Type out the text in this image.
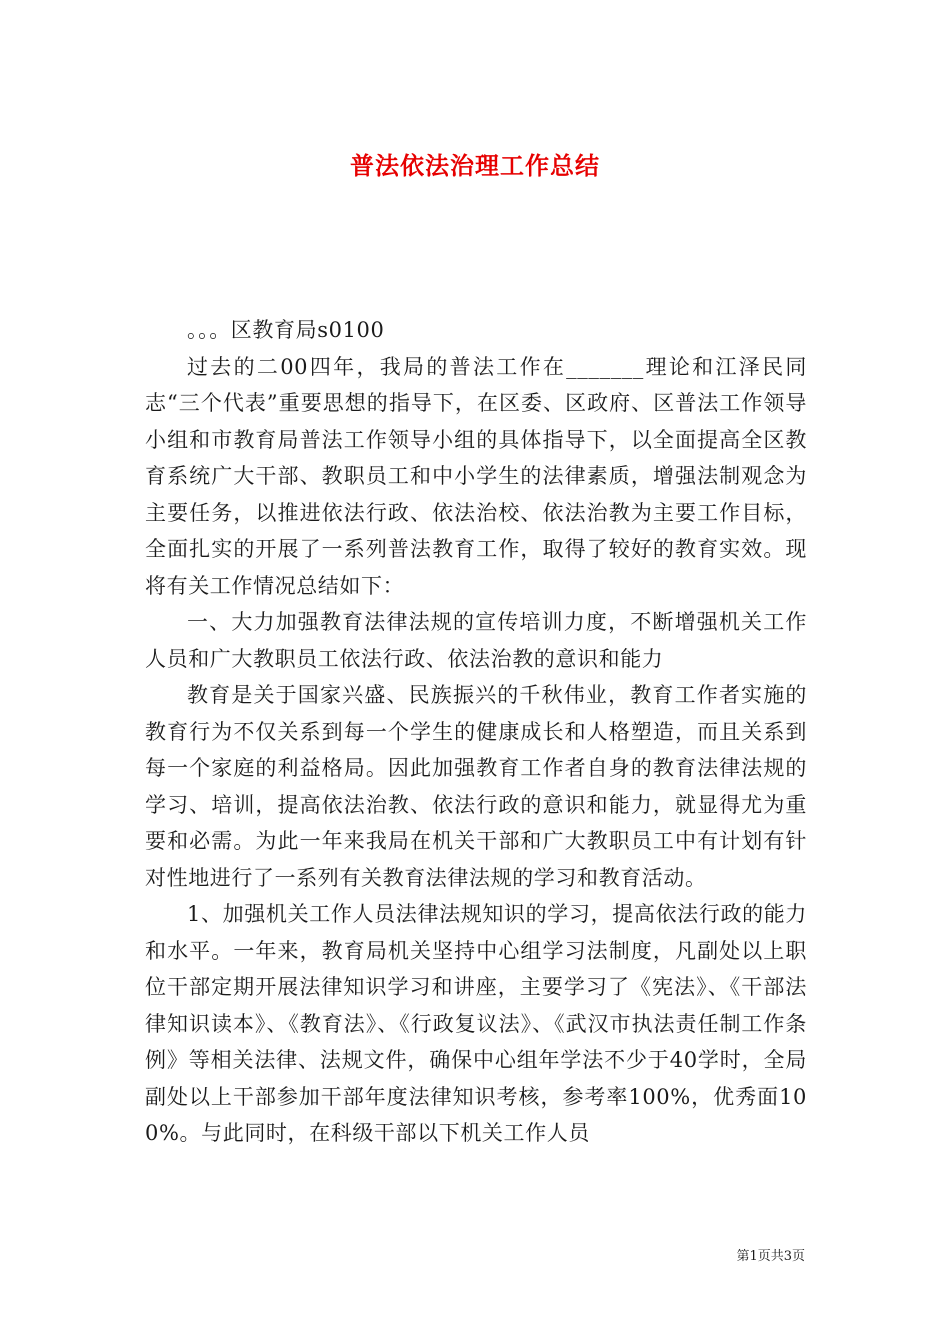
普法依法治理工作总结

。。。区教育局s0100

过去的二00四年，我局的普法工作在_______理论和江泽民同志“三个代表”重要思想的指导下，在区委、区政府、区普法工作领导小组和市教育局普法工作领导小组的具体指导下，以全面提高全区教育系统广大干部、教职员工和中小学生的法律素质，增强法制观念为主要任务，以推进依法行政、依法治校、依法治教为主要工作目标，全面扎实的开展了一系列普法教育工作，取得了较好的教育实效。现将有关工作情况总结如下：

一、大力加强教育法律法规的宣传培训力度，不断增强机关工作人员和广大教职员工依法行政、依法治教的意识和能力

教育是关于国家兴盛、民族振兴的千秋伟业，教育工作者实施的教育行为不仅关系到每一个学生的健康成长和人格塑造，而且关系到每一个家庭的利益格局。因此加强教育工作者自身的教育法律法规的学习、培训，提高依法治教、依法行政的意识和能力，就显得尤为重要和必需。为此一年来我局在机关干部和广大教职员工中有计划有针对性地进行了一系列有关教育法律法规的学习和教育活动。

1、加强机关工作人员法律法规知识的学习，提高依法行政的能力和水平。一年来，教育局机关坚持中心组学习法制度，凡副处以上职位干部定期开展法律知识学习和讲座，主要学习了《宪法》、《干部法律知识读本》、《教育法》、《行政复议法》、《武汉市执法责任制工作条例》等相关法律、法规文件，确保中心组年学法不少于40学时，全局副处以上干部参加干部年度法律知识考核，参考率100%，优秀面100%。与此同时，在科级干部以下机关工作人员

第1页共3页
